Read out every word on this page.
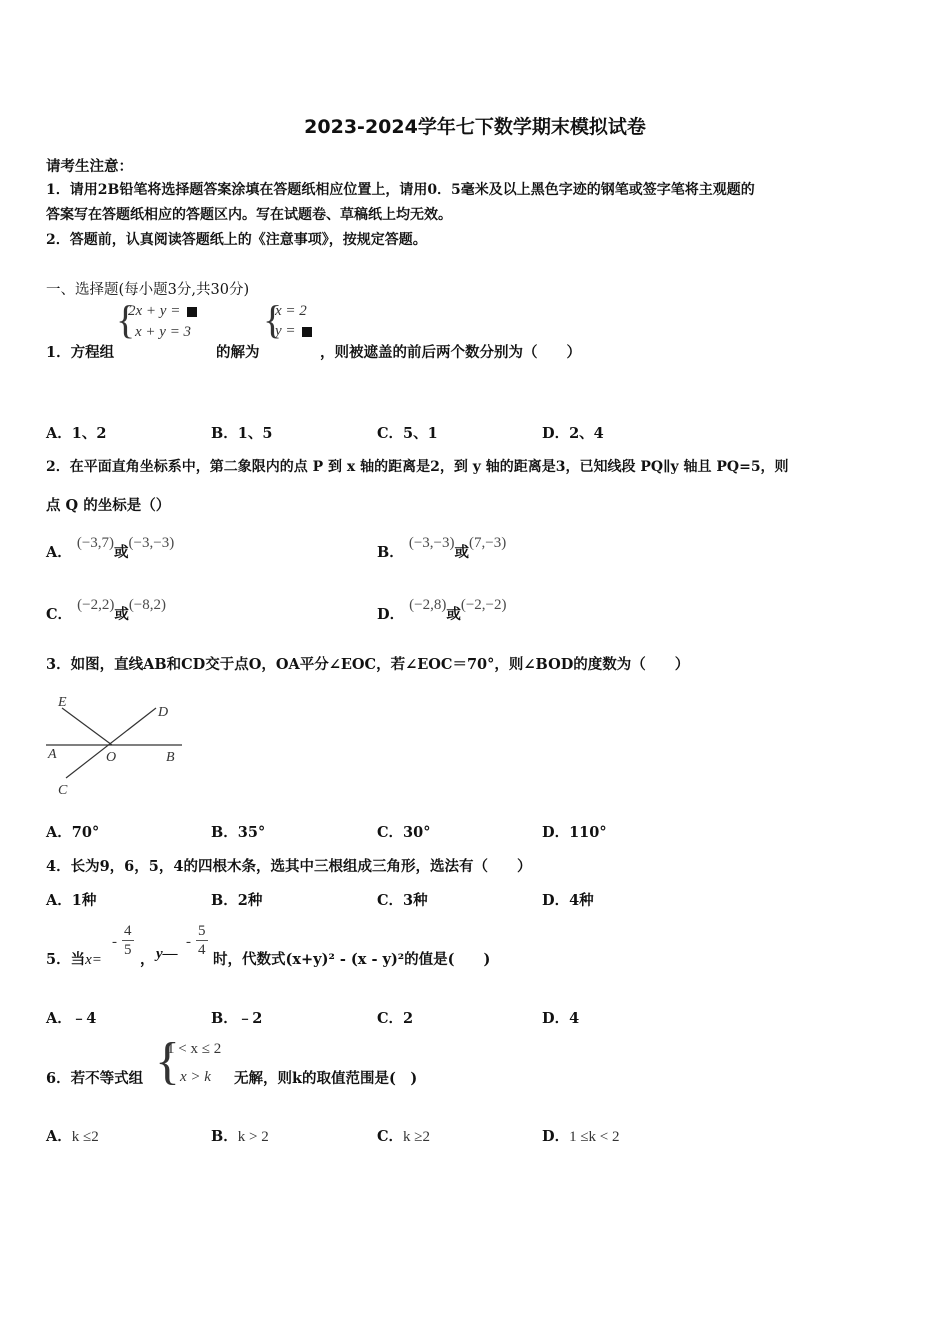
2023-2024学年七下数学期末模拟试卷
请考生注意：
1．请用2B铅笔将选择题答案涂填在答题纸相应位置上，请用0．5毫米及以上黑色字迹的钢笔或签字笔将主观题的
答案写在答题纸相应的答题区内。写在试题卷、草稿纸上均无效。
2．答题前，认真阅读答题纸上的《注意事项》，按规定答题。
一、选择题(每小题3分,共30分)
1．方程组
{
2x + y =
x + y = 3
的解为
{
x = 2
y =
，则被遮盖的前后两个数分别为（　　）
A．1、2	B．1、5	C．5、1	D．2、4
2．在平面直角坐标系中，第二象限内的点 P 到 x 轴的距离是2，到 y 轴的距离是3，已知线段 PQ∥y 轴且 PQ=5，则
点 Q 的坐标是（）
A． (−3,7)或(−3,−3)
B． (−3,−3)或(7,−3)
C． (−2,2)或(−8,2)
D． (−2,8)或(−2,−2)
3．如图，直线AB和CD交于点O，OA平分∠EOC，若∠EOC＝70°，则∠BOD的度数为（　　）
E
D
A	O	B
C
A．70°	B．35°	C．30°	D．110°
4．长为9，6，5，4的四根木条，选其中三根组成三角形，选法有（　　）
A．1种	B．2种	C．3种	D．4种
5．当x=
- $\frac{4}{5}$
， y—
- $\frac{5}{4}$
时，代数式(x+y)² - (x - y)²的值是(　　)
A．﹣4	B．﹣2	C．2	D．4
6．若不等式组 {
1 < x ≤ 2
x > k 无解，则k的取值范围是(　)
A．k ≤2	B．k > 2	C．k ≥2	D．1 ≤k < 2
